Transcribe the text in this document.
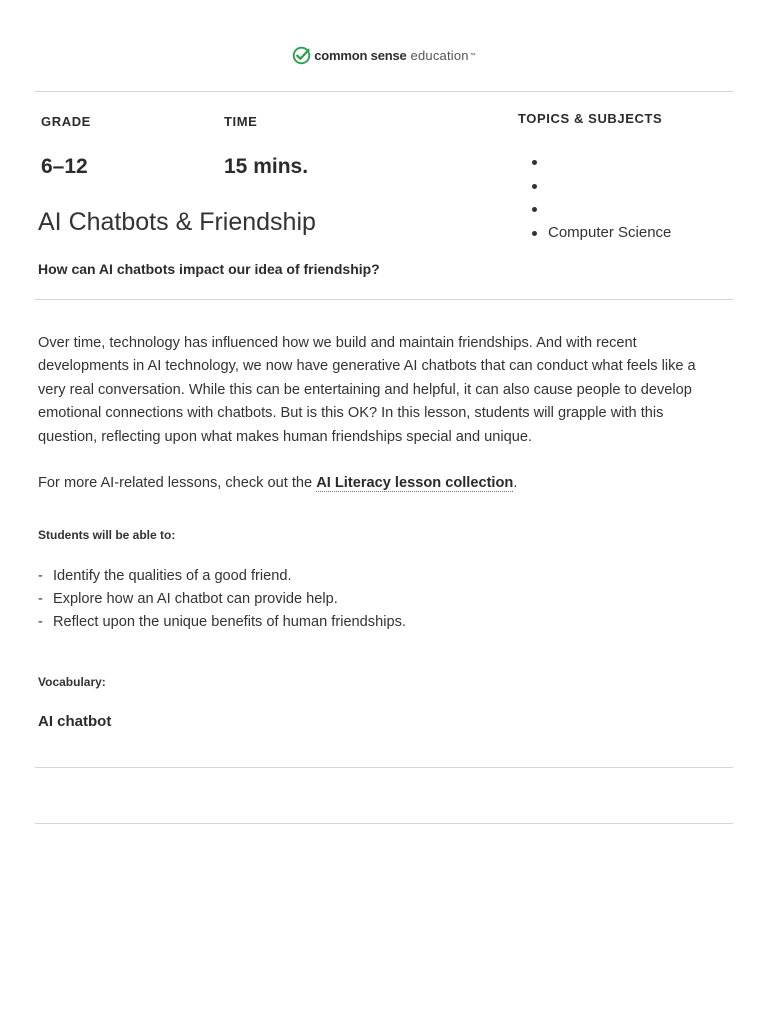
common sense education ™
GRADE
6–12
TIME
15 mins.
TOPICS & SUBJECTS
Computer Science
AI Chatbots & Friendship
How can AI chatbots impact our idea of friendship?

Over time, technology has influenced how we build and maintain friendships. And with recent developments in AI technology, we now have generative AI chatbots that can conduct what feels like a very real conversation. While this can be entertaining and helpful, it can also cause people to develop emotional connections with chatbots. But is this OK? In this lesson, students will grapple with this question, reflecting upon what makes human friendships special and unique.

For more AI-related lessons, check out the AI Literacy lesson collection.

Students will be able to:
- Identify the qualities of a good friend.
- Explore how an AI chatbot can provide help.
- Reflect upon the unique benefits of human friendships.
Vocabulary:
AI chatbot
